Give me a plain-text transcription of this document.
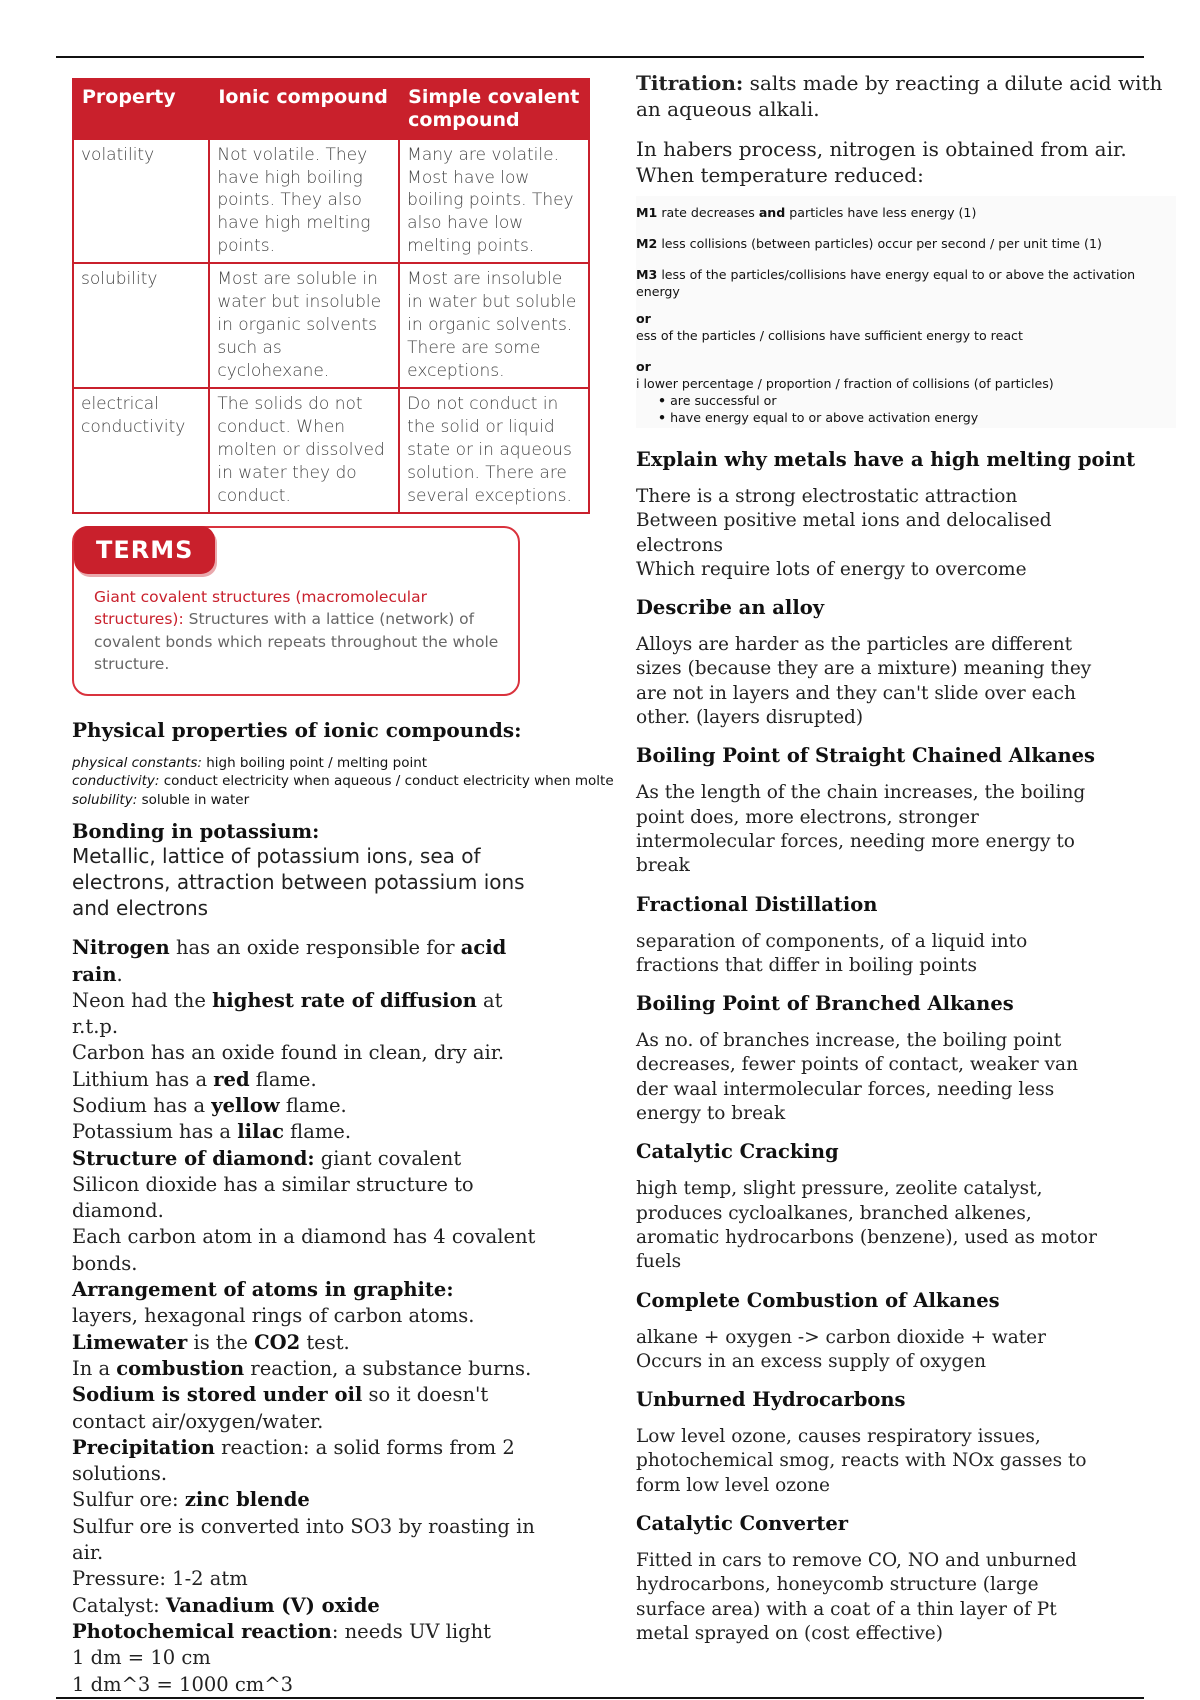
Property	Ionic compound	Simple covalent compound
volatility	Not volatile. They have high boiling points. They also have high melting points.	Many are volatile. Most have low boiling points. They also have low melting points.
solubility	Most are soluble in water but insoluble in organic solvents such as cyclohexane.	Most are insoluble in water but soluble in organic solvents. There are some exceptions.
electrical conductivity	The solids do not conduct. When molten or dissolved in water they do conduct.	Do not conduct in the solid or liquid state or in aqueous solution. There are several exceptions.
TERMS
Giant covalent structures (macromolecular structures): Structures with a lattice (network) of covalent bonds which repeats throughout the whole structure.
Physical properties of ionic compounds:
physical constants: high boiling point / melting point
conductivity: conduct electricity when aqueous / conduct electricity when molte
solubility: soluble in water
Bonding in potassium:
Metallic, lattice of potassium ions, sea of electrons, attraction between potassium ions and electrons
Nitrogen has an oxide responsible for acid rain.
Neon had the highest rate of diffusion at r.t.p.
Carbon has an oxide found in clean, dry air.
Lithium has a red flame.
Sodium has a yellow flame.
Potassium has a lilac flame.
Structure of diamond: giant covalent
Silicon dioxide has a similar structure to diamond.
Each carbon atom in a diamond has 4 covalent bonds.
Arrangement of atoms in graphite:
layers, hexagonal rings of carbon atoms.
Limewater is the CO2 test.
In a combustion reaction, a substance burns.
Sodium is stored under oil so it doesn't contact air/oxygen/water.
Precipitation reaction: a solid forms from 2 solutions.
Sulfur ore: zinc blende
Sulfur ore is converted into SO3 by roasting in air.
Pressure: 1-2 atm
Catalyst: Vanadium (V) oxide
Photochemical reaction: needs UV light
1 dm = 10 cm
1 dm^3 = 1000 cm^3

Titration: salts made by reacting a dilute acid with an aqueous alkali.

In habers process, nitrogen is obtained from air. When temperature reduced:

M1 rate decreases and particles have less energy (1)
M2 less collisions (between particles) occur per second / per unit time (1)
M3 less of the particles/collisions have energy equal to or above the activation energy
or
ess of the particles / collisions have sufficient energy to react
or
i lower percentage / proportion / fraction of collisions (of particles)
• are successful or
• have energy equal to or above activation energy
Explain why metals have a high melting point

There is a strong electrostatic attraction
Between positive metal ions and delocalised electrons
Which require lots of energy to overcome

Describe an alloy

Alloys are harder as the particles are different sizes (because they are a mixture) meaning they are not in layers and they can't slide over each other. (layers disrupted)

Boiling Point of Straight Chained Alkanes

As the length of the chain increases, the boiling point does, more electrons, stronger intermolecular forces, needing more energy to break

Fractional Distillation

separation of components, of a liquid into fractions that differ in boiling points

Boiling Point of Branched Alkanes

As no. of branches increase, the boiling point decreases, fewer points of contact, weaker van der waal intermolecular forces, needing less energy to break

Catalytic Cracking

high temp, slight pressure, zeolite catalyst, produces cycloalkanes, branched alkenes, aromatic hydrocarbons (benzene), used as motor fuels

Complete Combustion of Alkanes

alkane + oxygen -> carbon dioxide + water
Occurs in an excess supply of oxygen

Unburned Hydrocarbons

Low level ozone, causes respiratory issues, photochemical smog, reacts with NOx gasses to form low level ozone

Catalytic Converter

Fitted in cars to remove CO, NO and unburned hydrocarbons, honeycomb structure (large surface area) with a coat of a thin layer of Pt metal sprayed on (cost effective)
